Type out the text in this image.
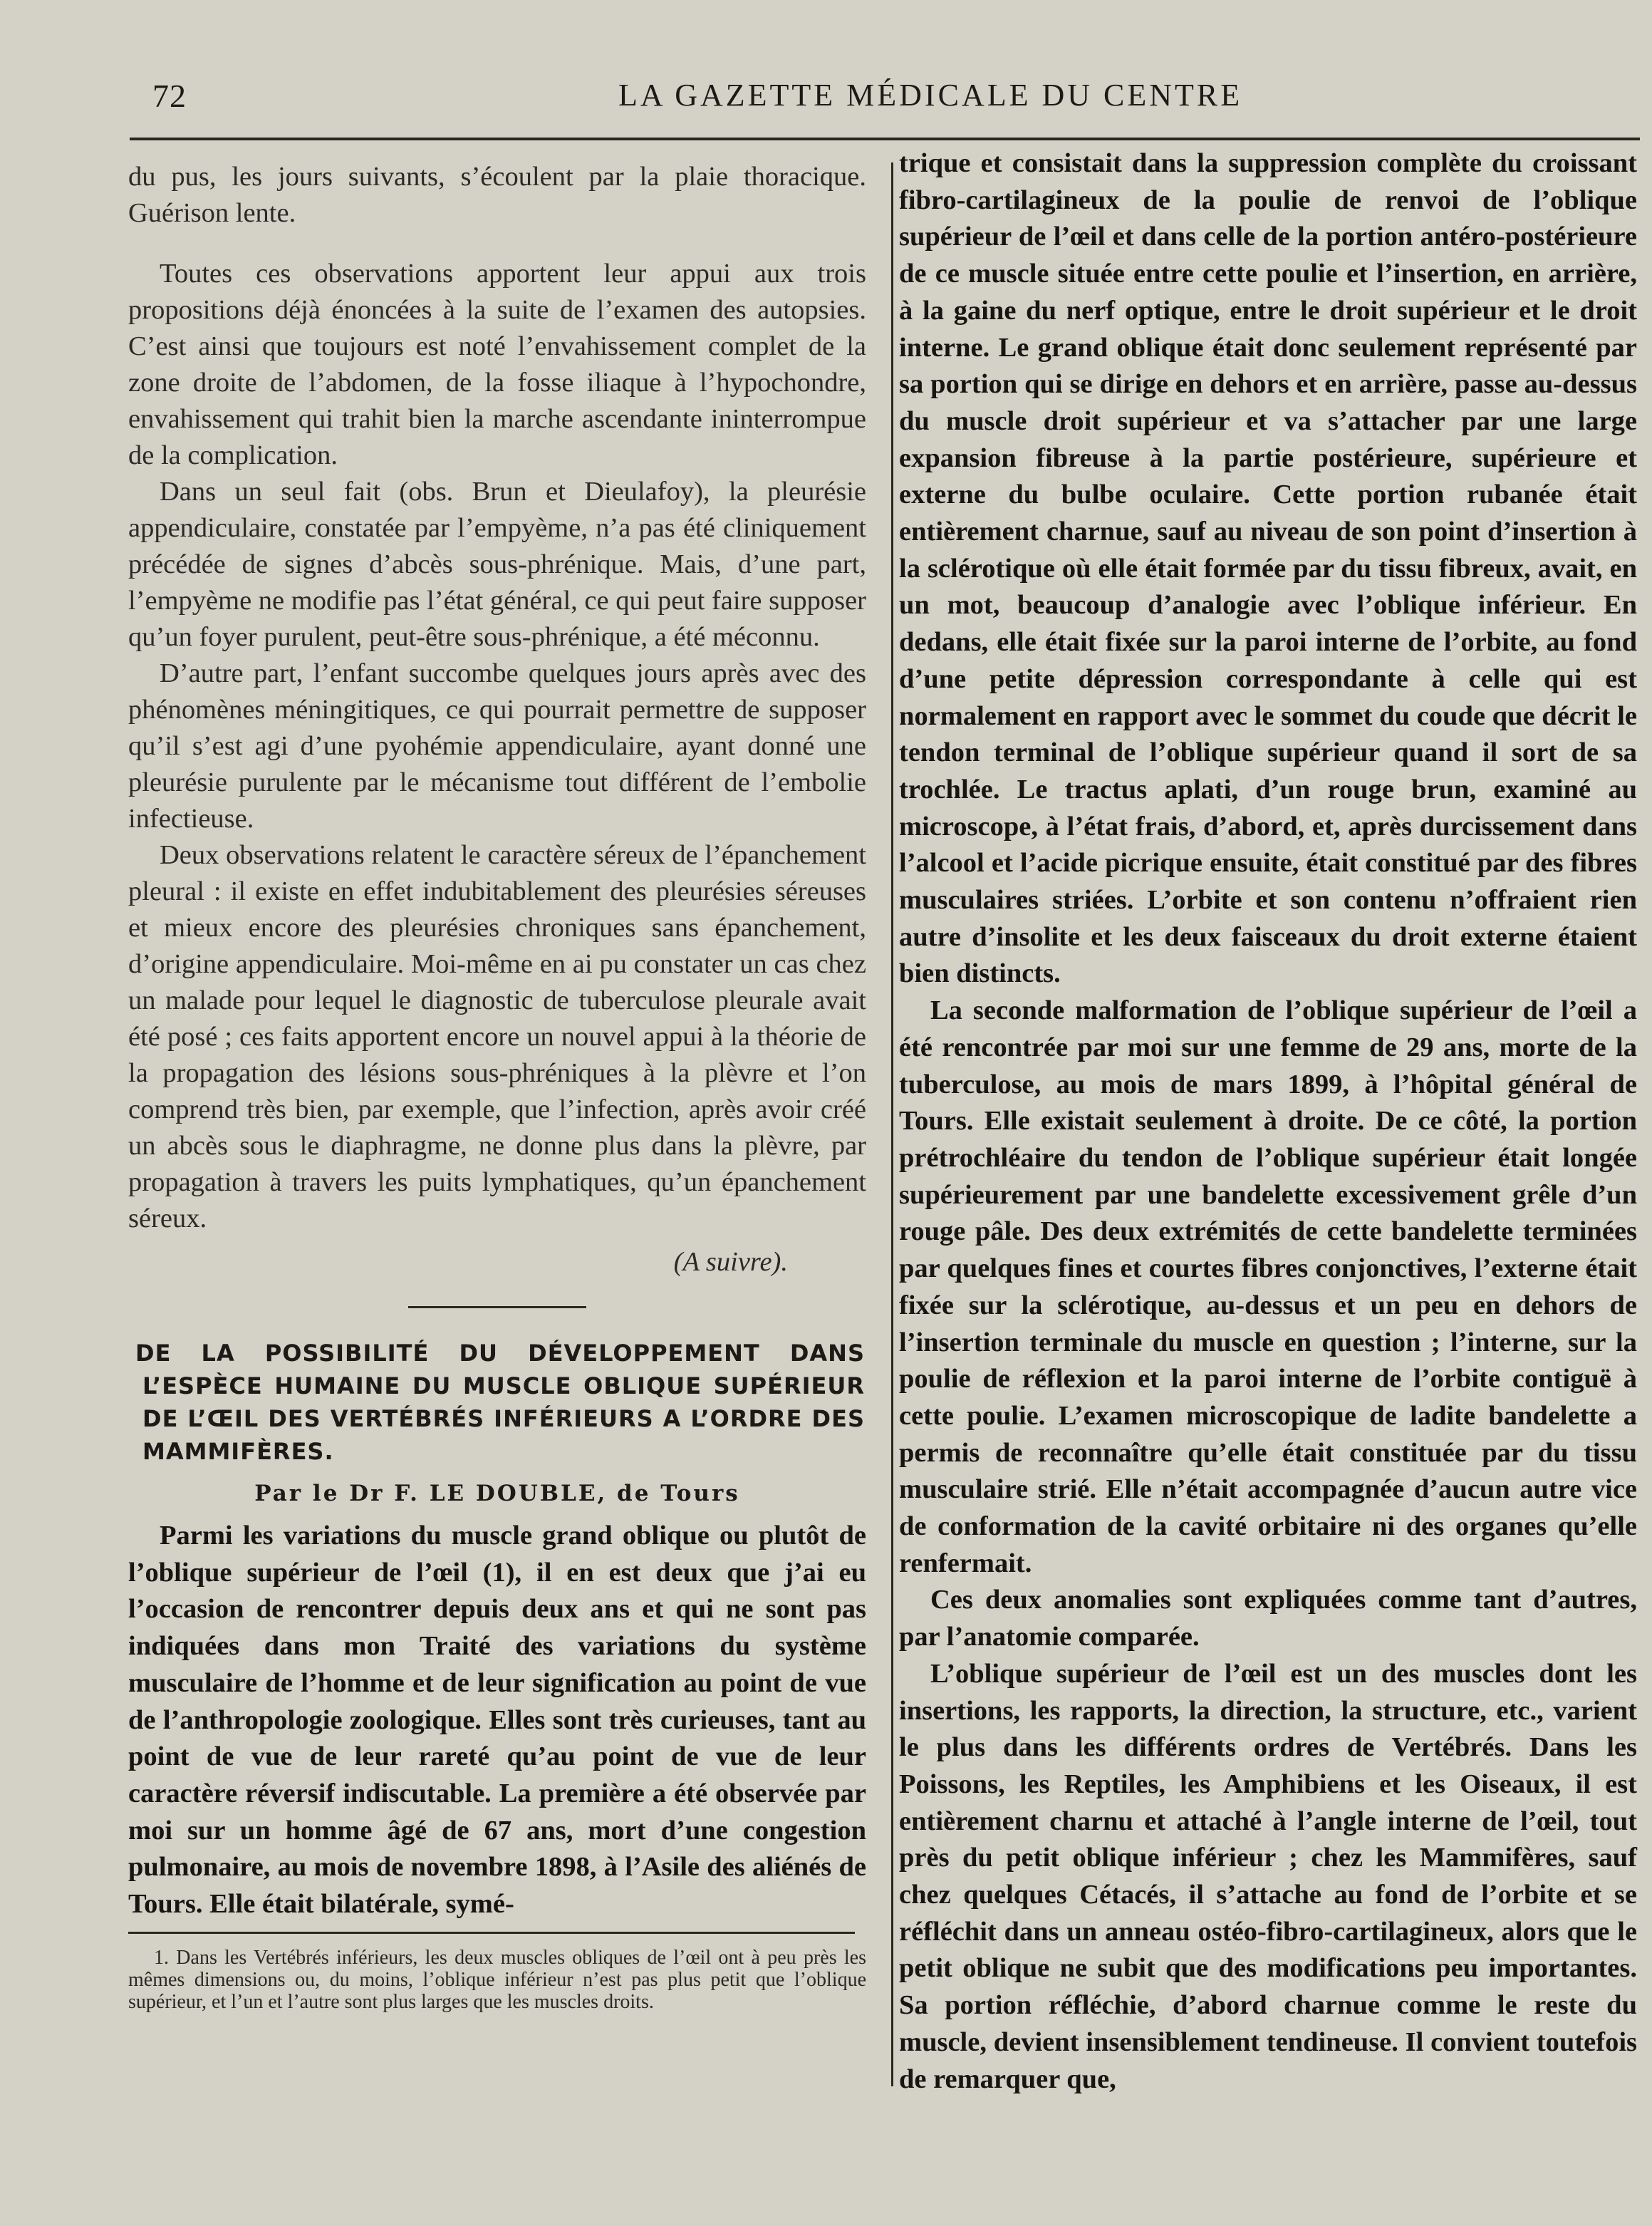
72	LA GAZETTE MÉDICALE DU CENTRE

du pus, les jours suivants, s’écoulent par la plaie thoracique. Guérison lente.

Toutes ces observations apportent leur appui aux trois propositions déjà énoncées à la suite de l’examen des autopsies. C’est ainsi que toujours est noté l’envahissement complet de la zone droite de l’abdomen, de la fosse iliaque à l’hypochondre, envahissement qui trahit bien la marche ascendante ininterrompue de la complication.

Dans un seul fait (obs. Brun et Dieulafoy), la pleurésie appendiculaire, constatée par l’empyème, n’a pas été cliniquement précédée de signes d’abcès sous-phrénique. Mais, d’une part, l’empyème ne modifie pas l’état général, ce qui peut faire supposer qu’un foyer purulent, peut-être sous-phrénique, a été méconnu.

D’autre part, l’enfant succombe quelques jours après avec des phénomènes méningitiques, ce qui pourrait permettre de supposer qu’il s’est agi d’une pyohémie appendiculaire, ayant donné une pleurésie purulente par le mécanisme tout différent de l’embolie infectieuse.

Deux observations relatent le caractère séreux de l’épanchement pleural : il existe en effet indubitablement des pleurésies séreuses et mieux encore des pleurésies chroniques sans épanchement, d’origine appendiculaire. Moi-même en ai pu constater un cas chez un malade pour lequel le diagnostic de tuberculose pleurale avait été posé ; ces faits apportent encore un nouvel appui à la théorie de la propagation des lésions sous-phréniques à la plèvre et l’on comprend très bien, par exemple, que l’infection, après avoir créé un abcès sous le diaphragme, ne donne plus dans la plèvre, par propagation à travers les puits lymphatiques, qu’un épanchement séreux.

(A suivre).

DE LA POSSIBILITÉ DU DÉVELOPPEMENT DANS L’ESPÈCE HUMAINE DU MUSCLE OBLIQUE SUPÉRIEUR DE L’ŒIL DES VERTÉBRÉS INFÉRIEURS A L’ORDRE DES MAMMIFÈRES.
Par le Dr F. LE DOUBLE, de Tours

Parmi les variations du muscle grand oblique ou plutôt de l’oblique supérieur de l’œil (1), il en est deux que j’ai eu l’occasion de rencontrer depuis deux ans et qui ne sont pas indiquées dans mon Traité des variations du système musculaire de l’homme et de leur signification au point de vue de l’anthropologie zoologique. Elles sont très curieuses, tant au point de vue de leur rareté qu’au point de vue de leur caractère réversif indiscutable. La première a été observée par moi sur un homme âgé de 67 ans, mort d’une congestion pulmonaire, au mois de novembre 1898, à l’Asile des aliénés de Tours. Elle était bilatérale, symé-

1. Dans les Vertébrés inférieurs, les deux muscles obliques de l’œil ont à peu près les mêmes dimensions ou, du moins, l’oblique inférieur n’est pas plus petit que l’oblique supérieur, et l’un et l’autre sont plus larges que les muscles droits.

trique et consistait dans la suppression complète du croissant fibro-cartilagineux de la poulie de renvoi de l’oblique supérieur de l’œil et dans celle de la portion antéro-postérieure de ce muscle située entre cette poulie et l’insertion, en arrière, à la gaine du nerf optique, entre le droit supérieur et le droit interne. Le grand oblique était donc seulement représenté par sa portion qui se dirige en dehors et en arrière, passe au-dessus du muscle droit supérieur et va s’attacher par une large expansion fibreuse à la partie postérieure, supérieure et externe du bulbe oculaire. Cette portion rubanée était entièrement charnue, sauf au niveau de son point d’insertion à la sclérotique où elle était formée par du tissu fibreux, avait, en un mot, beaucoup d’analogie avec l’oblique inférieur. En dedans, elle était fixée sur la paroi interne de l’orbite, au fond d’une petite dépression correspondante à celle qui est normalement en rapport avec le sommet du coude que décrit le tendon terminal de l’oblique supérieur quand il sort de sa trochlée. Le tractus aplati, d’un rouge brun, examiné au microscope, à l’état frais, d’abord, et, après durcissement dans l’alcool et l’acide picrique ensuite, était constitué par des fibres musculaires striées. L’orbite et son contenu n’offraient rien autre d’insolite et les deux faisceaux du droit externe étaient bien distincts.

La seconde malformation de l’oblique supérieur de l’œil a été rencontrée par moi sur une femme de 29 ans, morte de la tuberculose, au mois de mars 1899, à l’hôpital général de Tours. Elle existait seulement à droite. De ce côté, la portion prétrochléaire du tendon de l’oblique supérieur était longée supérieurement par une bandelette excessivement grêle d’un rouge pâle. Des deux extrémités de cette bandelette terminées par quelques fines et courtes fibres conjonctives, l’externe était fixée sur la sclérotique, au-dessus et un peu en dehors de l’insertion terminale du muscle en question ; l’interne, sur la poulie de réflexion et la paroi interne de l’orbite contiguë à cette poulie. L’examen microscopique de ladite bandelette a permis de reconnaître qu’elle était constituée par du tissu musculaire strié. Elle n’était accompagnée d’aucun autre vice de conformation de la cavité orbitaire ni des organes qu’elle renfermait.

Ces deux anomalies sont expliquées comme tant d’autres, par l’anatomie comparée.

L’oblique supérieur de l’œil est un des muscles dont les insertions, les rapports, la direction, la structure, etc., varient le plus dans les différents ordres de Vertébrés. Dans les Poissons, les Reptiles, les Amphibiens et les Oiseaux, il est entièrement charnu et attaché à l’angle interne de l’œil, tout près du petit oblique inférieur ; chez les Mammifères, sauf chez quelques Cétacés, il s’attache au fond de l’orbite et se réfléchit dans un anneau ostéo-fibro-cartilagineux, alors que le petit oblique ne subit que des modifications peu importantes. Sa portion réfléchie, d’abord charnue comme le reste du muscle, devient insensiblement tendineuse. Il convient toutefois de remarquer que,
